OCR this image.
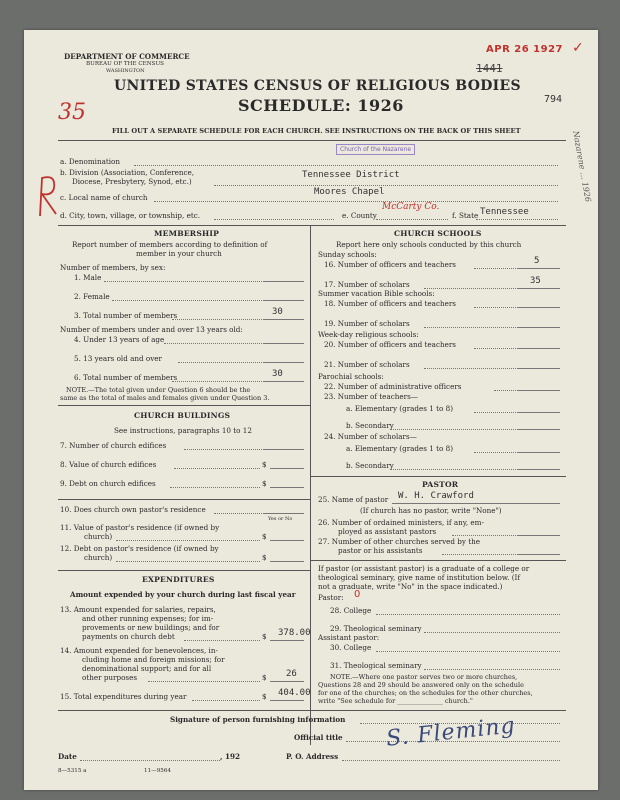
DEPARTMENT OF COMMERCE
BUREAU OF THE CENSUS
WASHINGTON
APR 26 1927 ✓
1441
794
UNITED STATES CENSUS OF RELIGIOUS BODIES
SCHEDULE: 1926
35
FILL OUT A SEPARATE SCHEDULE FOR EACH CHURCH. SEE INSTRUCTIONS ON THE BACK OF THIS SHEET
a. Denomination
Church of the Nazarene
b. Division (Association, Conference,
Diocese, Presbytery, Synod, etc.)
Tennessee District
c. Local name of church
Moores Chapel
d. City, town, village, or township, etc.	e. County
McCarty Co.
f. State Tennessee
Nazarene ... 1926
MEMBERSHIP
Report number of members according to definition of
member in your church
Number of members, by sex:
1. Male
2. Female
3. Total number of members	30
Number of members under and over 13 years old:
4. Under 13 years of age
5. 13 years old and over
6. Total number of members	30
NOTE.—The total given under Question 6 should be the
same as the total of males and females given under Question 3.
CHURCH BUILDINGS
See instructions, paragraphs 10 to 12
7. Number of church edifices
8. Value of church edifices	$
9. Debt on church edifices	$
10. Does church own pastor's residence
Yes or No
11. Value of pastor's residence (if owned by
church)	$
12. Debt on pastor's residence (if owned by
church)	$
EXPENDITURES
Amount expended by your church during last fiscal year
13. Amount expended for salaries, repairs,
and other running expenses; for im-
provements or new buildings; and for
payments on church debt	$ 378.00
14. Amount expended for benevolences, in-
cluding home and foreign missions; for
denominational support; and for all
other purposes	$ 26
15. Total expenditures during year	$ 404.00
CHURCH SCHOOLS
Report here only schools conducted by this church
Sunday schools:
16. Number of officers and teachers	5
17. Number of scholars	35
Summer vacation Bible schools:
18. Number of officers and teachers
19. Number of scholars
Week-day religious schools:
20. Number of officers and teachers
21. Number of scholars
Parochial schools:
22. Number of administrative officers
23. Number of teachers—
a. Elementary (grades 1 to 8)
b. Secondary
24. Number of scholars—
a. Elementary (grades 1 to 8)
b. Secondary
PASTOR
25. Name of pastor W. H. Crawford
(If church has no pastor, write "None")
26. Number of ordained ministers, if any, em-
ployed as assistant pastors
27. Number of other churches served by the
pastor or his assistants
If pastor (or assistant pastor) is a graduate of a college or
theological seminary, give name of institution below. (If
not a graduate, write "No" in the space indicated.)
Pastor: 0
28. College
29. Theological seminary
Assistant pastor:
30. College
31. Theological seminary
NOTE.—Where one pastor serves two or more churches,
Questions 28 and 29 should be answered only on the schedule
for one of the churches; on the schedules for the other churches,
write "See schedule for ______________ church."
Signature of person furnishing information
Official title
Date	, 192	P. O. Address
8—5315 a	11—9564
S. Fleming
